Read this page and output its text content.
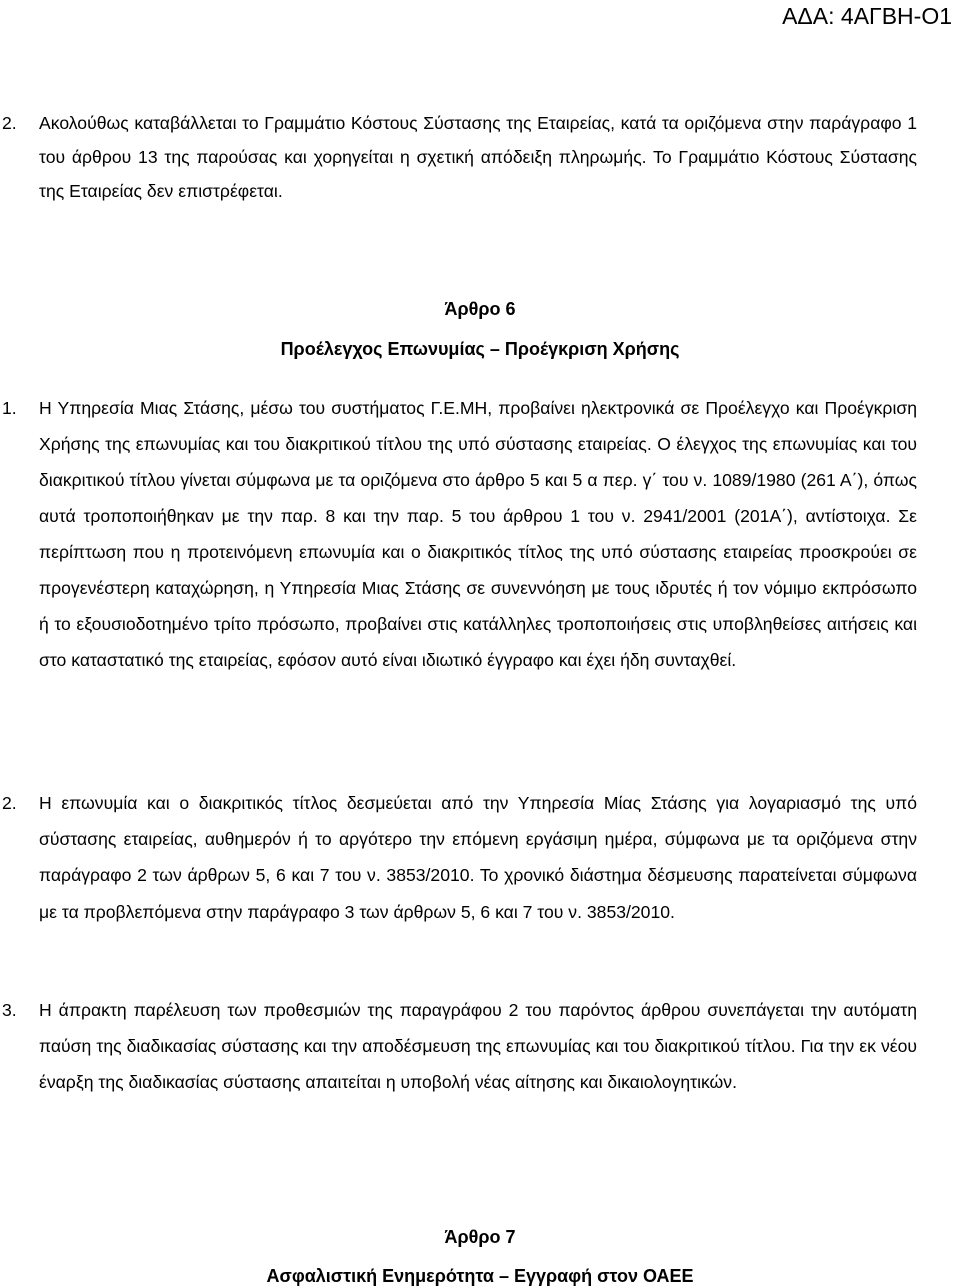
ΑΔΑ: 4ΑΓΒΗ-Ο1
2. Ακολούθως καταβάλλεται το Γραμμάτιο Κόστους Σύστασης της Εταιρείας, κατά τα οριζόμενα στην παράγραφο 1 του άρθρου 13 της παρούσας και χορηγείται η σχετική απόδειξη πληρωμής. Το Γραμμάτιο Κόστους Σύστασης της Εταιρείας δεν επιστρέφεται.
Άρθρο 6
Προέλεγχος Επωνυμίας – Προέγκριση Χρήσης
1. Η Υπηρεσία Μιας Στάσης, μέσω του συστήματος Γ.Ε.ΜΗ, προβαίνει ηλεκτρονικά σε Προέλεγχο και Προέγκριση Χρήσης της επωνυμίας και του διακριτικού τίτλου της υπό σύστασης εταιρείας. Ο έλεγχος της επωνυμίας και του διακριτικού τίτλου γίνεται σύμφωνα με τα οριζόμενα στο άρθρο 5 και 5 α περ. γ΄ του ν. 1089/1980 (261 Α΄), όπως αυτά τροποποιήθηκαν με την παρ. 8 και την παρ. 5 του άρθρου 1 του ν. 2941/2001 (201Α΄), αντίστοιχα. Σε περίπτωση που η προτεινόμενη επωνυμία και ο διακριτικός τίτλος της υπό σύστασης εταιρείας προσκρούει σε προγενέστερη καταχώρηση, η Υπηρεσία Μιας Στάσης σε συνεννόηση με τους ιδρυτές ή τον νόμιμο εκπρόσωπο ή το εξουσιοδοτημένο τρίτο πρόσωπο, προβαίνει στις κατάλληλες τροποποιήσεις στις υποβληθείσες αιτήσεις και στο καταστατικό της εταιρείας, εφόσον αυτό είναι ιδιωτικό έγγραφο και έχει ήδη συνταχθεί.
2. Η επωνυμία και ο διακριτικός τίτλος δεσμεύεται από την Υπηρεσία Μίας Στάσης για λογαριασμό της υπό σύστασης εταιρείας, αυθημερόν ή το αργότερο την επόμενη εργάσιμη ημέρα, σύμφωνα με τα οριζόμενα στην παράγραφο 2 των άρθρων 5, 6 και 7 του ν. 3853/2010. Το χρονικό διάστημα δέσμευσης παρατείνεται σύμφωνα με τα προβλεπόμενα στην παράγραφο 3 των άρθρων 5, 6 και 7 του ν. 3853/2010.
3. Η άπρακτη παρέλευση των προθεσμιών της παραγράφου 2 του παρόντος άρθρου συνεπάγεται την αυτόματη παύση της διαδικασίας σύστασης και την αποδέσμευση της επωνυμίας και του διακριτικού τίτλου. Για την εκ νέου έναρξη της διαδικασίας σύστασης απαιτείται η υποβολή νέας αίτησης και δικαιολογητικών.
Άρθρο 7
Ασφαλιστική Ενημερότητα – Εγγραφή στον ΟΑΕΕ
